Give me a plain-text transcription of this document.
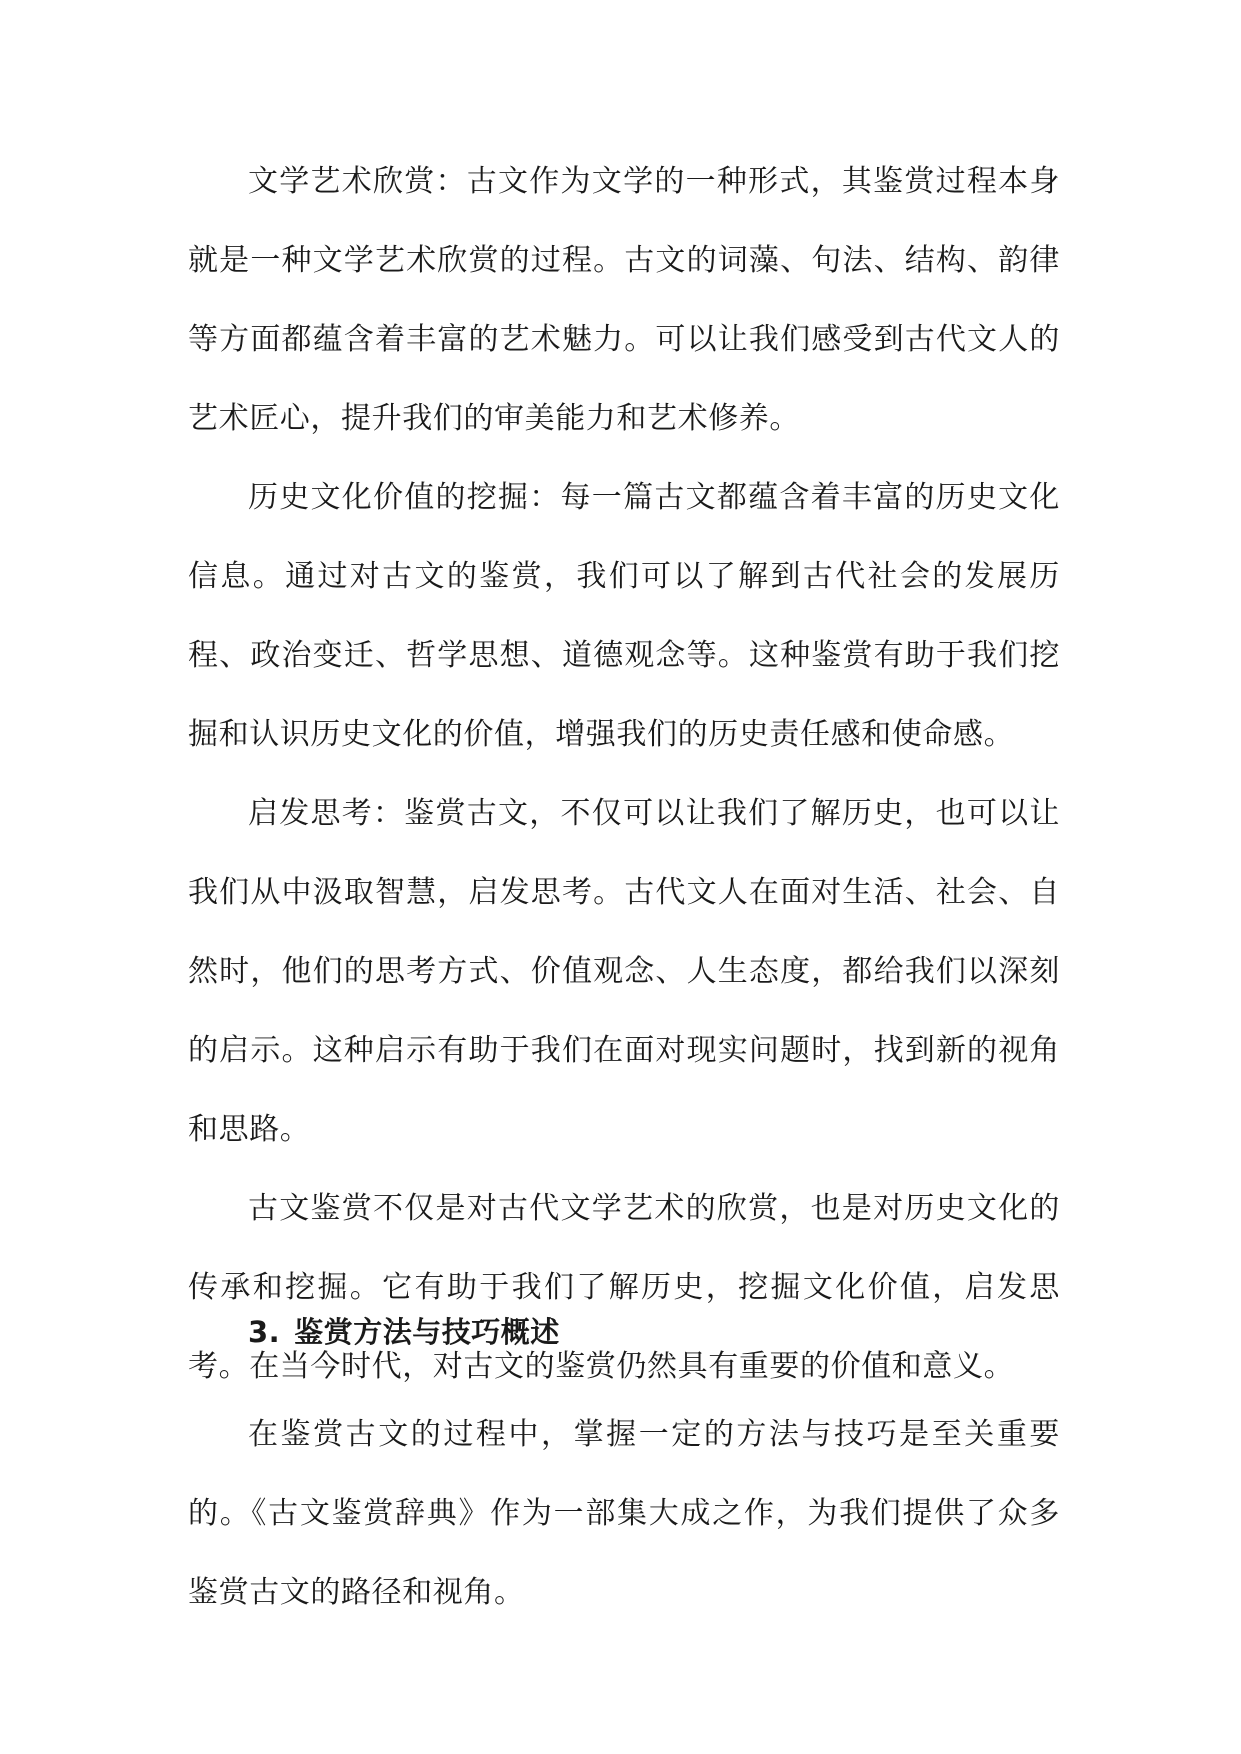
文学艺术欣赏：古文作为文学的一种形式，其鉴赏过程本身就是一种文学艺术欣赏的过程。古文的词藻、句法、结构、韵律等方面都蕴含着丰富的艺术魅力。可以让我们感受到古代文人的艺术匠心，提升我们的审美能力和艺术修养。

历史文化价值的挖掘：每一篇古文都蕴含着丰富的历史文化信息。通过对古文的鉴赏，我们可以了解到古代社会的发展历程、政治变迁、哲学思想、道德观念等。这种鉴赏有助于我们挖掘和认识历史文化的价值，增强我们的历史责任感和使命感。

启发思考：鉴赏古文，不仅可以让我们了解历史，也可以让我们从中汲取智慧，启发思考。古代文人在面对生活、社会、自然时，他们的思考方式、价值观念、人生态度，都给我们以深刻的启示。这种启示有助于我们在面对现实问题时，找到新的视角和思路。

古文鉴赏不仅是对古代文学艺术的欣赏，也是对历史文化的传承和挖掘。它有助于我们了解历史，挖掘文化价值，启发思考。在当今时代，对古文的鉴赏仍然具有重要的价值和意义。

3. 鉴赏方法与技巧概述

在鉴赏古文的过程中，掌握一定的方法与技巧是至关重要的。《古文鉴赏辞典》作为一部集大成之作，为我们提供了众多鉴赏古文的路径和视角。
